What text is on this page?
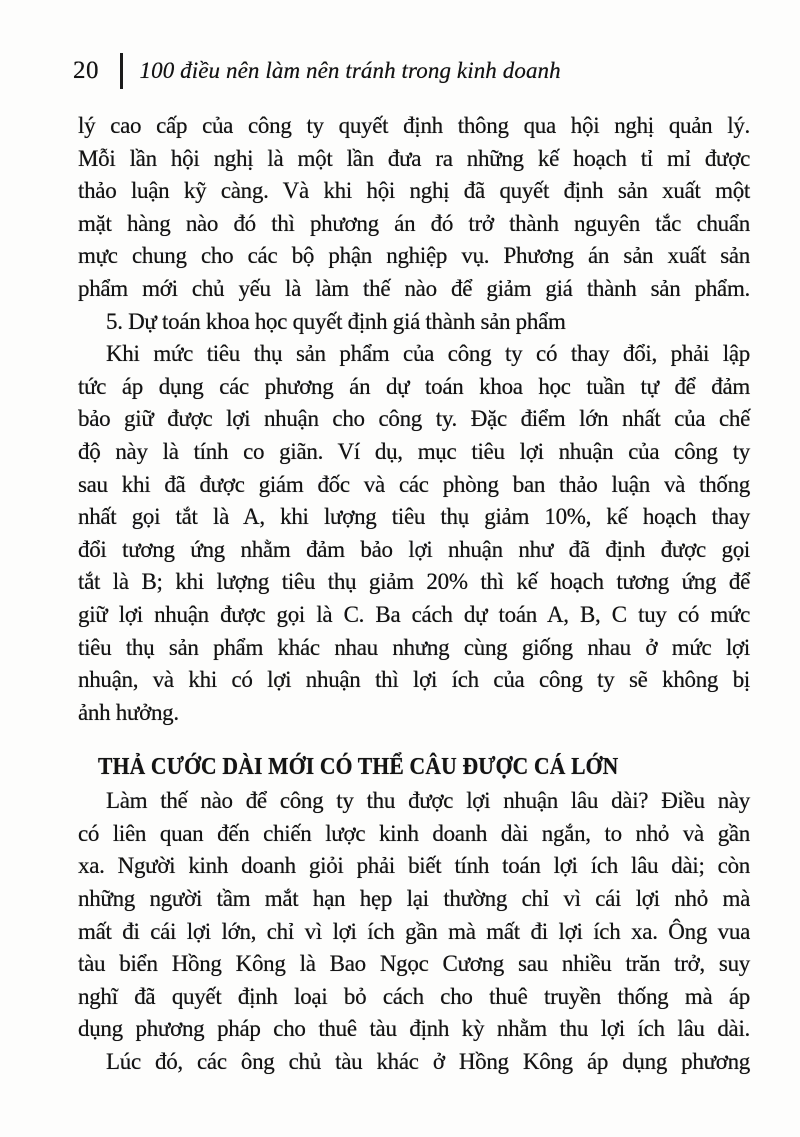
20 100 điều nên làm nên tránh trong kinh doanh
lý cao cấp của công ty quyết định thông qua hội nghị quản lý.
Mỗi lần hội nghị là một lần đưa ra những kế hoạch tỉ mỉ được
thảo luận kỹ càng. Và khi hội nghị đã quyết định sản xuất một
mặt hàng nào đó thì phương án đó trở thành nguyên tắc chuẩn
mực chung cho các bộ phận nghiệp vụ. Phương án sản xuất sản
phẩm mới chủ yếu là làm thế nào để giảm giá thành sản phẩm.
5. Dự toán khoa học quyết định giá thành sản phẩm
Khi mức tiêu thụ sản phẩm của công ty có thay đổi, phải lập
tức áp dụng các phương án dự toán khoa học tuần tự để đảm
bảo giữ được lợi nhuận cho công ty. Đặc điểm lớn nhất của chế
độ này là tính co giãn. Ví dụ, mục tiêu lợi nhuận của công ty
sau khi đã được giám đốc và các phòng ban thảo luận và thống
nhất gọi tắt là A, khi lượng tiêu thụ giảm 10%, kế hoạch thay
đổi tương ứng nhằm đảm bảo lợi nhuận như đã định được gọi
tắt là B; khi lượng tiêu thụ giảm 20% thì kế hoạch tương ứng để
giữ lợi nhuận được gọi là C. Ba cách dự toán A, B, C tuy có mức
tiêu thụ sản phẩm khác nhau nhưng cùng giống nhau ở mức lợi
nhuận, và khi có lợi nhuận thì lợi ích của công ty sẽ không bị
ảnh hưởng.
THẢ CƯỚC DÀI MỚI CÓ THỂ CÂU ĐƯỢC CÁ LỚN
Làm thế nào để công ty thu được lợi nhuận lâu dài? Điều này
có liên quan đến chiến lược kinh doanh dài ngắn, to nhỏ và gần
xa. Người kinh doanh giỏi phải biết tính toán lợi ích lâu dài; còn
những người tầm mắt hạn hẹp lại thường chỉ vì cái lợi nhỏ mà
mất đi cái lợi lớn, chỉ vì lợi ích gần mà mất đi lợi ích xa. Ông vua
tàu biển Hồng Kông là Bao Ngọc Cương sau nhiều trăn trở, suy
nghĩ đã quyết định loại bỏ cách cho thuê truyền thống mà áp
dụng phương pháp cho thuê tàu định kỳ nhằm thu lợi ích lâu dài.
Lúc đó, các ông chủ tàu khác ở Hồng Kông áp dụng phương
